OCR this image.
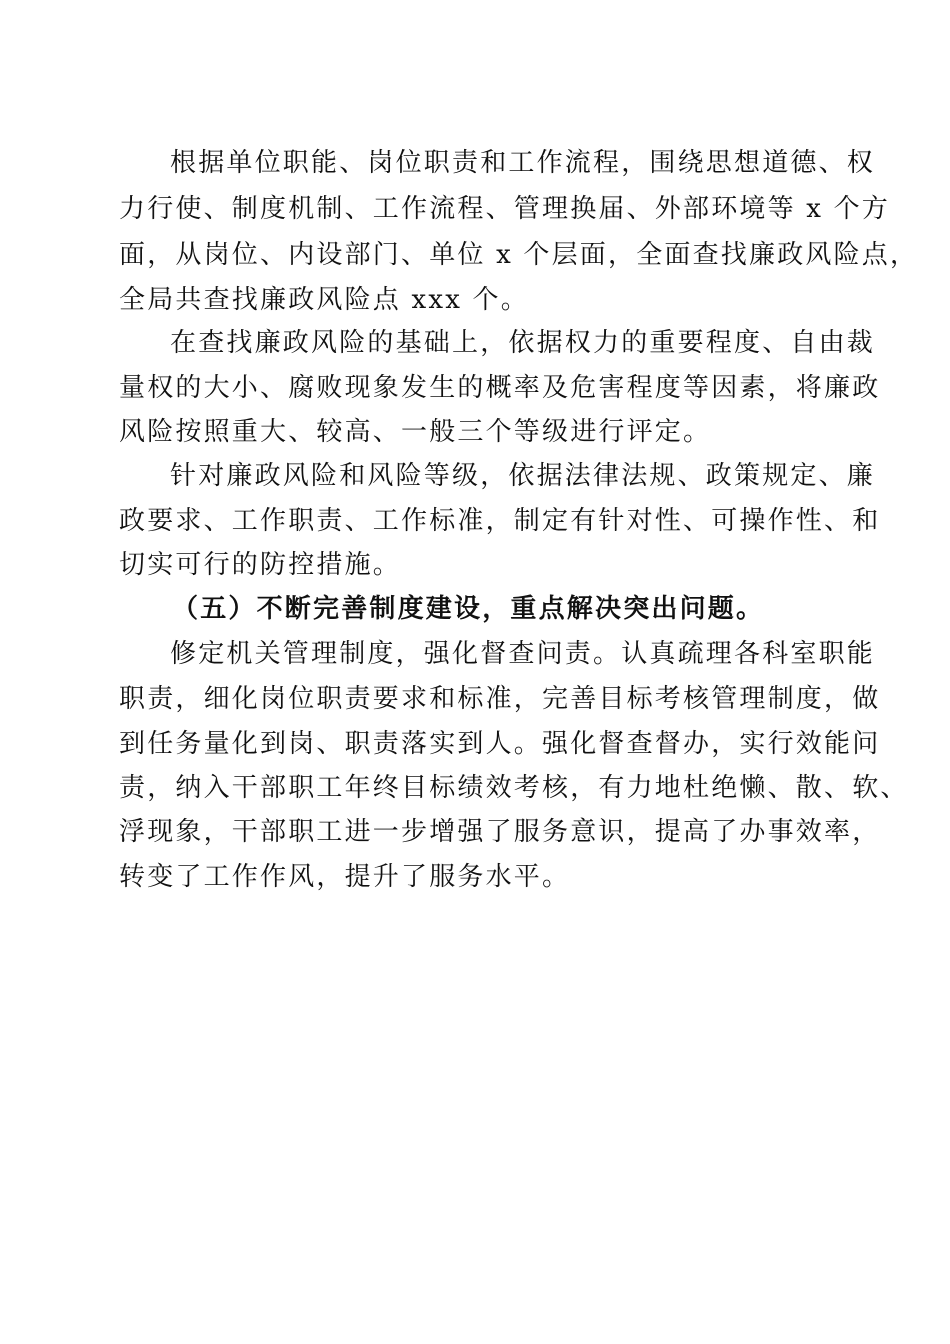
根据单位职能、岗位职责和工作流程，围绕思想道德、权
力行使、制度机制、工作流程、管理换届、外部环境等 x 个方
面，从岗位、内设部门、单位 x 个层面，全面查找廉政风险点，
全局共查找廉政风险点 xxx 个。
在查找廉政风险的基础上，依据权力的重要程度、自由裁
量权的大小、腐败现象发生的概率及危害程度等因素，将廉政
风险按照重大、较高、一般三个等级进行评定。
针对廉政风险和风险等级，依据法律法规、政策规定、廉
政要求、工作职责、工作标准，制定有针对性、可操作性、和
切实可行的防控措施。
（五）不断完善制度建设，重点解决突出问题。
修定机关管理制度，强化督查问责。认真疏理各科室职能
职责，细化岗位职责要求和标准，完善目标考核管理制度，做
到任务量化到岗、职责落实到人。强化督查督办，实行效能问
责，纳入干部职工年终目标绩效考核，有力地杜绝懒、散、软、
浮现象，干部职工进一步增强了服务意识，提高了办事效率，
转变了工作作风，提升了服务水平。
